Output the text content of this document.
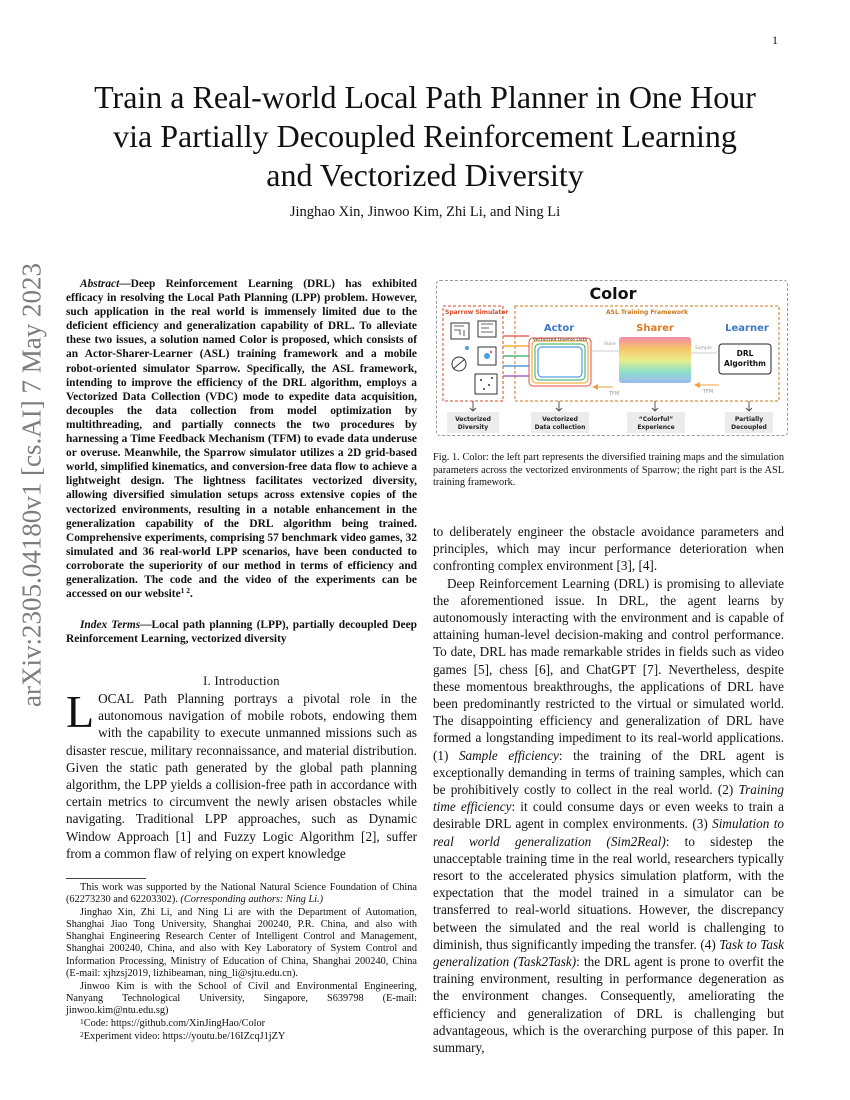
1
arXiv:2305.04180v1 [cs.AI] 7 May 2023
Train a Real-world Local Path Planner in One Hour
via Partially Decoupled Reinforcement Learning
and Vectorized Diversity
Jinghao Xin, Jinwoo Kim, Zhi Li, and Ning Li
Abstract—Deep Reinforcement Learning (DRL) has exhibited efficacy in resolving the Local Path Planning (LPP) problem. However, such application in the real world is immensely limited due to the deficient efficiency and generalization capability of DRL. To alleviate these two issues, a solution named Color is proposed, which consists of an Actor-Sharer-Learner (ASL) training framework and a mobile robot-oriented simulator Sparrow. Specifically, the ASL framework, intending to improve the efficiency of the DRL algorithm, employs a Vectorized Data Collection (VDC) mode to expedite data acquisition, decouples the data collection from model optimization by multithreading, and partially connects the two procedures by harnessing a Time Feedback Mechanism (TFM) to evade data underuse or overuse. Meanwhile, the Sparrow simulator utilizes a 2D grid-based world, simplified kinematics, and conversion-free data flow to achieve a lightweight design. The lightness facilitates vectorized diversity, allowing diversified simulation setups across extensive copies of the vectorized environments, resulting in a notable enhancement in the generalization capability of the DRL algorithm being trained. Comprehensive experiments, comprising 57 benchmark video games, 32 simulated and 36 real-world LPP scenarios, have been conducted to corroborate the superiority of our method in terms of efficiency and generalization. The code and the video of the experiments can be accessed on our website$^{1 2}$.
Index Terms—Local path planning (LPP), partially decoupled Deep Reinforcement Learning, vectorized diversity
I. Introduction
LOCAL Path Planning portrays a pivotal role in the autonomous navigation of mobile robots, endowing them with the capability to execute unmanned missions such as disaster rescue, military reconnaissance, and material distribution. Given the static path generated by the global path planning algorithm, the LPP yields a collision-free path in accordance with certain metrics to circumvent the newly arisen obstacles while navigating. Traditional LPP approaches, such as Dynamic Window Approach [1] and Fuzzy Logic Algorithm [2], suffer from a common flaw of relying on expert knowledge

This work was supported by the National Natural Science Foundation of China (62273230 and 62203302). (Corresponding authors: Ning Li.)

Jinghao Xin, Zhi Li, and Ning Li are with the Department of Automation, Shanghai Jiao Tong University, Shanghai 200240, P.R. China, and also with Shanghai Engineering Research Center of Intelligent Control and Management, Shanghai 200240, China, and also with Key Laboratory of System Control and Information Processing, Ministry of Education of China, Shanghai 200240, China (E-mail: xjhzsj2019, lizhibeaman, ning_li@sjtu.edu.cn).

Jinwoo Kim is with the School of Civil and Environmental Engineering, Nanyang Technological University, Singapore, S639798 (E-mail: jinwoo.kim@ntu.edu.sg)

$^1$Code: https://github.com/XinJingHao/Color

$^2$Experiment video: https://youtu.be/16IZcqJ1jZY

Color
Sparrow Simulator	ASL Training Framework
Actor	Sharer	Learner
Vectorized Diverse Data
Store
Sample
DRL
Algorithm
TFM	TFM
Vectorized
Diversity
Vectorized
Data collection
“Colorful”
Experience
Partially
Decoupled
Fig. 1. Color: the left part represents the diversified training maps and the simulation parameters across the vectorized environments of Sparrow; the right part is the ASL training framework.

to deliberately engineer the obstacle avoidance parameters and principles, which may incur performance deterioration when confronting complex environment [3], [4].

Deep Reinforcement Learning (DRL) is promising to alleviate the aforementioned issue. In DRL, the agent learns by autonomously interacting with the environment and is capable of attaining human-level decision-making and control performance. To date, DRL has made remarkable strides in fields such as video games [5], chess [6], and ChatGPT [7]. Nevertheless, despite these momentous breakthroughs, the applications of DRL have been predominantly restricted to the virtual or simulated world. The disappointing efficiency and generalization of DRL have formed a longstanding impediment to its real-world applications. (1) Sample efficiency: the training of the DRL agent is exceptionally demanding in terms of training samples, which can be prohibitively costly to collect in the real world. (2) Training time efficiency: it could consume days or even weeks to train a desirable DRL agent in complex environments. (3) Simulation to real world generalization (Sim2Real): to sidestep the unacceptable training time in the real world, researchers typically resort to the accelerated physics simulation platform, with the expectation that the model trained in a simulator can be transferred to real-world situations. However, the discrepancy between the simulated and the real world is challenging to diminish, thus significantly impeding the transfer. (4) Task to Task generalization (Task2Task): the DRL agent is prone to overfit the training environment, resulting in performance degeneration as the environment changes. Consequently, ameliorating the efficiency and generalization of DRL is challenging but advantageous, which is the overarching purpose of this paper. In summary,
